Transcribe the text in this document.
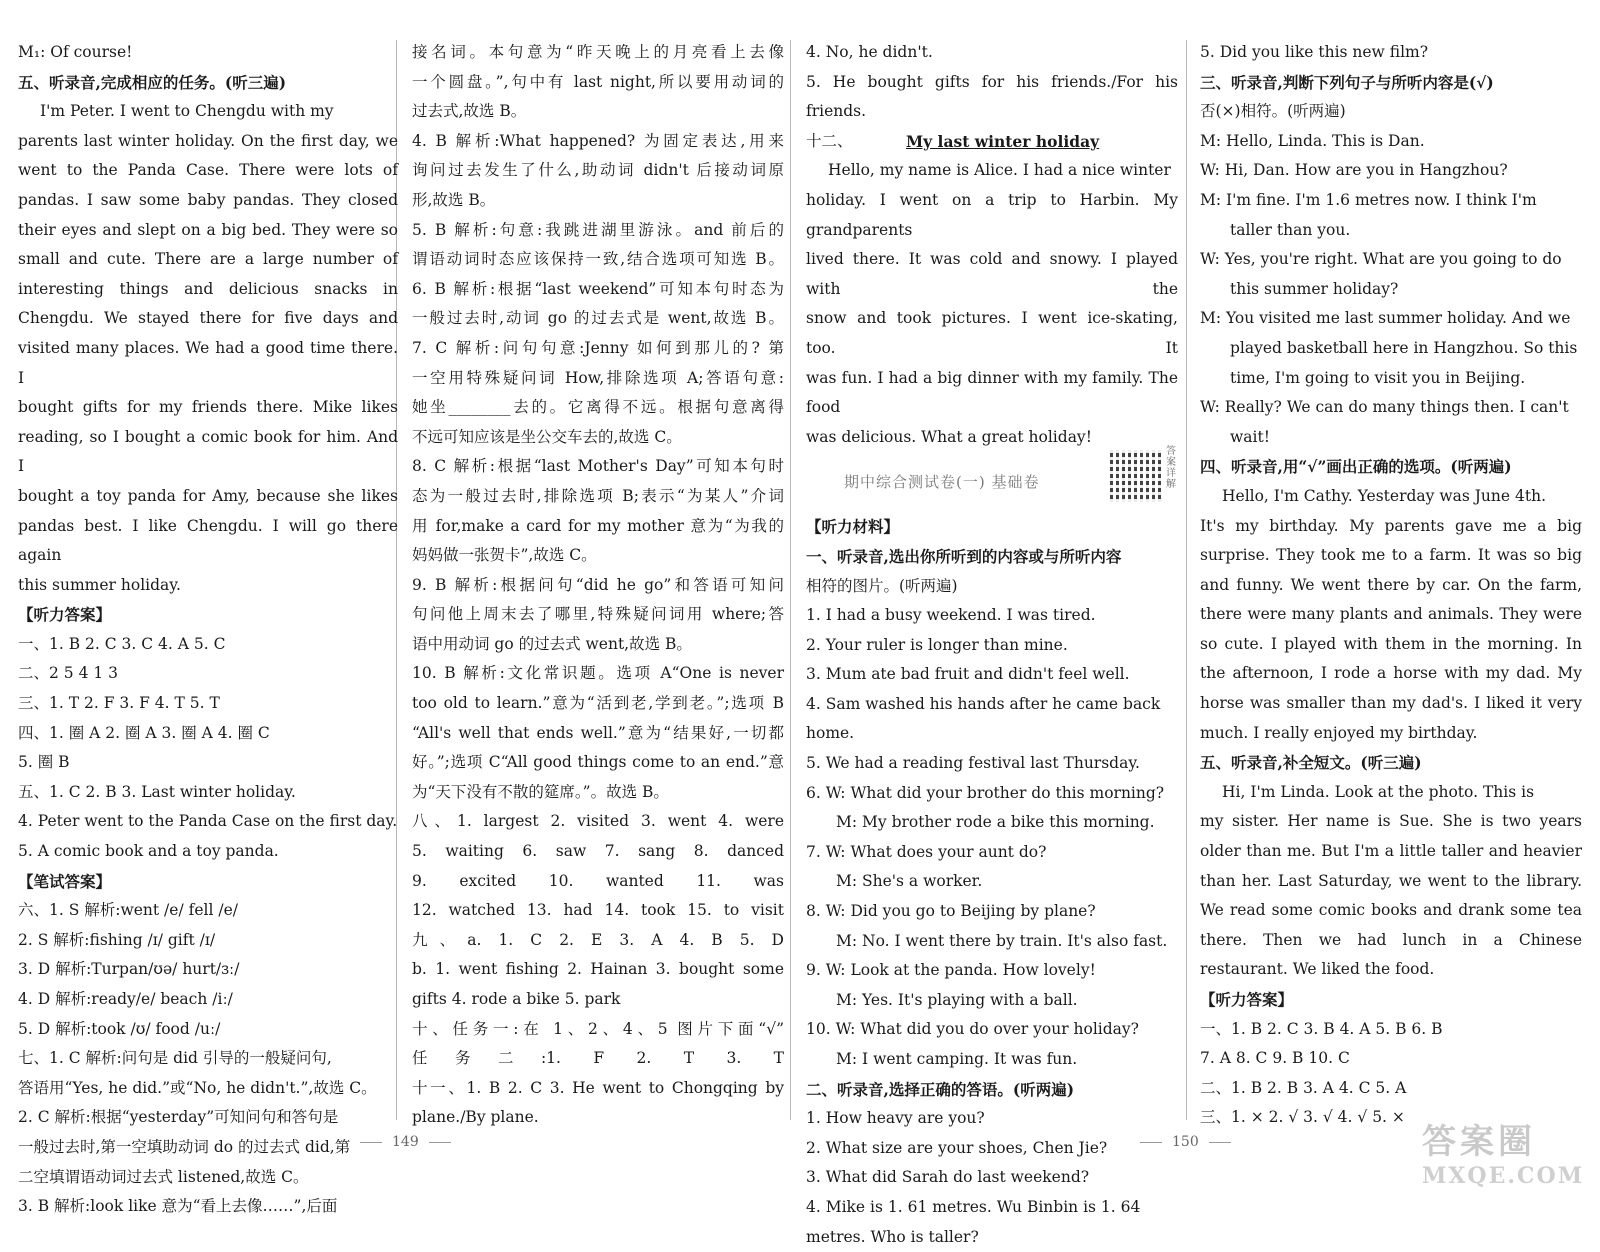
M₁: Of course!
五、听录音,完成相应的任务。(听三遍)
I'm Peter. I went to Chengdu with my
parents last winter holiday. On the first day, we
went to the Panda Case. There were lots of
pandas. I saw some baby pandas. They closed
their eyes and slept on a big bed. They were so
small and cute. There are a large number of
interesting things and delicious snacks in
Chengdu. We stayed there for five days and
visited many places. We had a good time there. I
bought gifts for my friends there. Mike likes
reading, so I bought a comic book for him. And I
bought a toy panda for Amy, because she likes
pandas best. I like Chengdu. I will go there again
this summer holiday.
【听力答案】
一、1. B 2. C 3. C 4. A 5. C
二、2 5 4 1 3
三、1. T 2. F 3. F 4. T 5. T
四、1. 圈 A 2. 圈 A 3. 圈 A 4. 圈 C
5. 圈 B
五、1. C 2. B 3. Last winter holiday.
4. Peter went to the Panda Case on the first day.
5. A comic book and a toy panda.
【笔试答案】
六、1. S 解析:went /e/ fell /e/
2. S 解析:fishing /ɪ/ gift /ɪ/
3. D 解析:Turpan/ʊə/ hurt/ɜː/
4. D 解析:ready/e/ beach /iː/
5. D 解析:took /ʊ/ food /uː/
七、1. C 解析:问句是 did 引导的一般疑问句,
答语用“Yes, he did.”或“No, he didn't.”,故选 C。
2. C 解析:根据“yesterday”可知问句和答句是
一般过去时,第一空填助动词 do 的过去式 did,第
二空填谓语动词过去式 listened,故选 C。
3. B 解析:look like 意为“看上去像……”,后面
接名词。本句意为“昨天晚上的月亮看上去像
一个圆盘。”,句中有 last night,所以要用动词的
过去式,故选 B。
4. B 解析:What happened? 为固定表达,用来
询问过去发生了什么,助动词 didn't 后接动词原
形,故选 B。
5. B 解析:句意:我跳进湖里游泳。and 前后的
谓语动词时态应该保持一致,结合选项可知选 B。
6. B 解析:根据“last weekend”可知本句时态为
一般过去时,动词 go 的过去式是 went,故选 B。
7. C 解析:问句句意:Jenny 如何到那儿的? 第
一空用特殊疑问词 How,排除选项 A;答语句意:
她坐________去的。它离得不远。根据句意离得
不远可知应该是坐公交车去的,故选 C。
8. C 解析:根据“last Mother's Day”可知本句时
态为一般过去时,排除选项 B;表示“为某人”介词
用 for,make a card for my mother 意为“为我的
妈妈做一张贺卡”,故选 C。
9. B 解析:根据问句“did he go”和答语可知问
句问他上周末去了哪里,特殊疑问词用 where;答
语中用动词 go 的过去式 went,故选 B。
10. B 解析:文化常识题。选项 A“One is never
too old to learn.”意为“活到老,学到老。”;选项 B
“All's well that ends well.”意为“结果好,一切都
好。”;选项 C“All good things come to an end.”意
为“天下没有不散的筵席。”。故选 B。
八、1. largest 2. visited 3. went 4. were
5. waiting 6. saw 7. sang 8. danced
9. excited 10. wanted 11. was
12. watched 13. had 14. took 15. to visit
九、a. 1. C 2. E 3. A 4. B 5. D
b. 1. went fishing 2. Hainan 3. bought some
gifts 4. rode a bike 5. park
十、任务一:在 1、2、4、5 图片下面“√”
任务二:1. F 2. T 3. T
十一、1. B 2. C 3. He went to Chongqing by
plane./By plane.
4. No, he didn't.
5. He bought gifts for his friends./For his
friends.
十二、	My last winter holiday
Hello, my name is Alice. I had a nice winter
holiday. I went on a trip to Harbin. My grandparents
lived there. It was cold and snowy. I played with the
snow and took pictures. I went ice-skating, too. It
was fun. I had a big dinner with my family. The food
was delicious. What a great holiday!
期中综合测试卷(一) 基础卷
答案详解
【听力材料】
一、听录音,选出你所听到的内容或与所听内容
相符的图片。(听两遍)
1. I had a busy weekend. I was tired.
2. Your ruler is longer than mine.
3. Mum ate bad fruit and didn't feel well.
4. Sam washed his hands after he came back
home.
5. We had a reading festival last Thursday.
6. W: What did your brother do this morning?
M: My brother rode a bike this morning.
7. W: What does your aunt do?
M: She's a worker.
8. W: Did you go to Beijing by plane?
M: No. I went there by train. It's also fast.
9. W: Look at the panda. How lovely!
M: Yes. It's playing with a ball.
10. W: What did you do over your holiday?
M: I went camping. It was fun.
二、听录音,选择正确的答语。(听两遍)
1. How heavy are you?
2. What size are your shoes, Chen Jie?
3. What did Sarah do last weekend?
4. Mike is 1. 61 metres. Wu Binbin is 1. 64
metres. Who is taller?
5. Did you like this new film?
三、听录音,判断下列句子与所听内容是(√)
否(×)相符。(听两遍)
M: Hello, Linda. This is Dan.
W: Hi, Dan. How are you in Hangzhou?
M: I'm fine. I'm 1.6 metres now. I think I'm
taller than you.
W: Yes, you're right. What are you going to do
this summer holiday?
M: You visited me last summer holiday. And we
played basketball here in Hangzhou. So this
time, I'm going to visit you in Beijing.
W: Really? We can do many things then. I can't
wait!
四、听录音,用“√”画出正确的选项。(听两遍)
Hello, I'm Cathy. Yesterday was June 4th.
It's my birthday. My parents gave me a big
surprise. They took me to a farm. It was so big
and funny. We went there by car. On the farm,
there were many plants and animals. They were
so cute. I played with them in the morning. In
the afternoon, I rode a horse with my dad. My
horse was smaller than my dad's. I liked it very
much. I really enjoyed my birthday.
五、听录音,补全短文。(听三遍)
Hi, I'm Linda. Look at the photo. This is
my sister. Her name is Sue. She is two years
older than me. But I'm a little taller and heavier
than her. Last Saturday, we went to the library.
We read some comic books and drank some tea
there. Then we had lunch in a Chinese
restaurant. We liked the food.
【听力答案】
一、1. B 2. C 3. B 4. A 5. B 6. B
7. A 8. C 9. B 10. C
二、1. B 2. B 3. A 4. C 5. A
三、1. × 2. √ 3. √ 4. √ 5. ×
149	150	答案圈
MXQE.COM
